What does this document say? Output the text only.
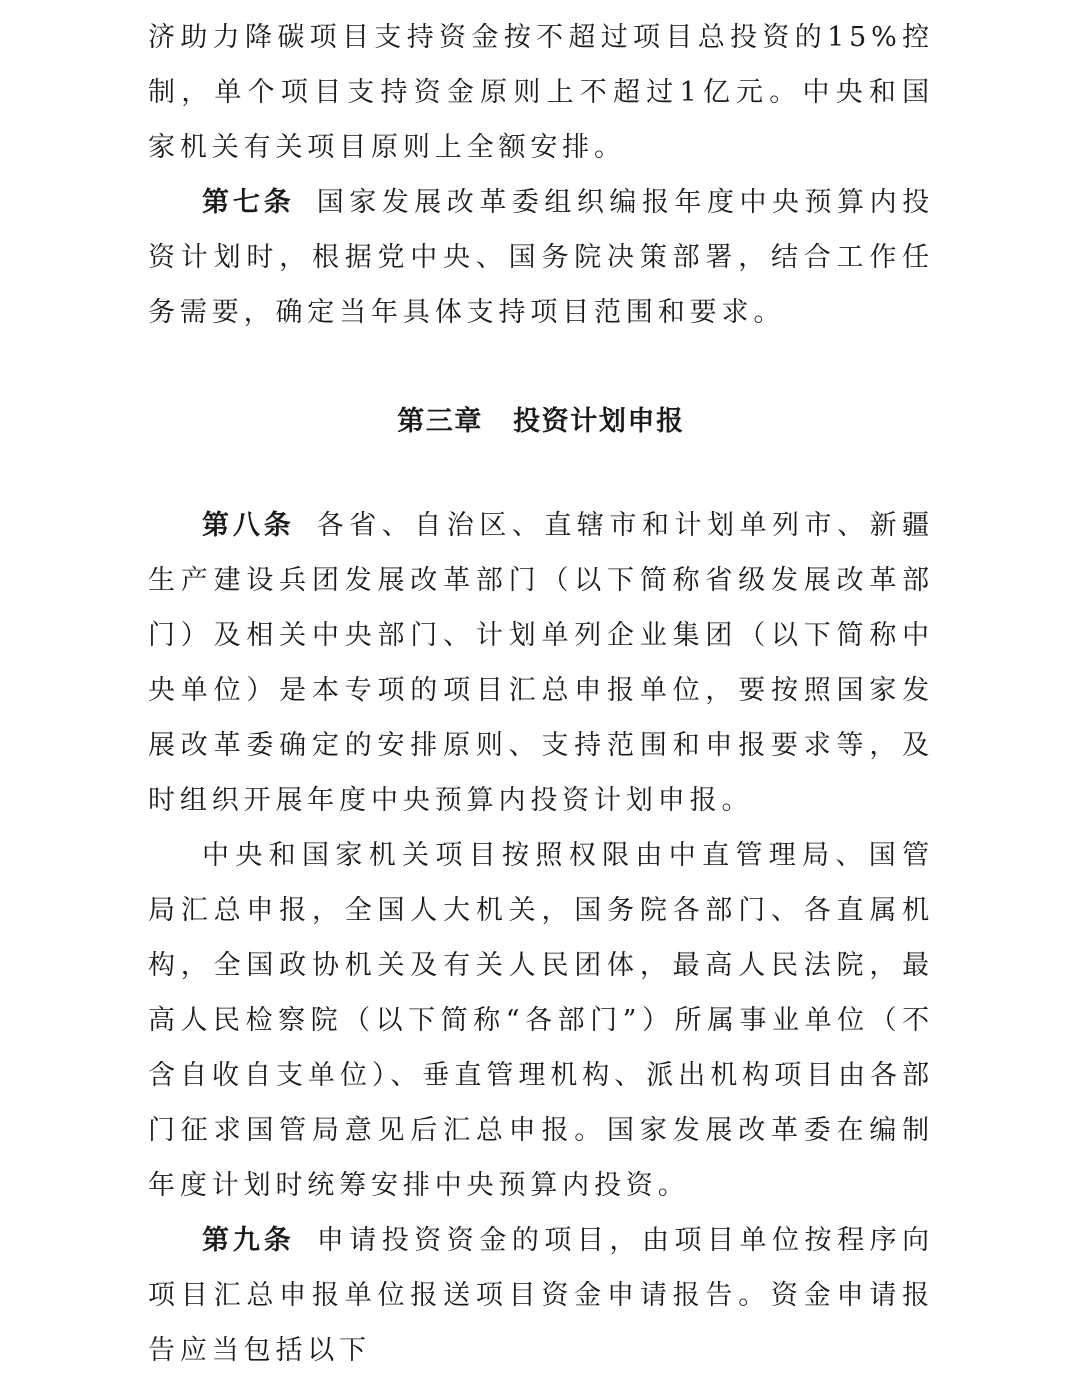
济助力降碳项目支持资金按不超过项目总投资的15%控制，单个项目支持资金原则上不超过1亿元。中央和国家机关有关项目原则上全额安排。

第七条 国家发展改革委组织编报年度中央预算内投资计划时，根据党中央、国务院决策部署，结合工作任务需要，确定当年具体支持项目范围和要求。

第三章 投资计划申报

第八条 各省、自治区、直辖市和计划单列市、新疆生产建设兵团发展改革部门（以下简称省级发展改革部门）及相关中央部门、计划单列企业集团（以下简称中央单位）是本专项的项目汇总申报单位，要按照国家发展改革委确定的安排原则、支持范围和申报要求等，及时组织开展年度中央预算内投资计划申报。

中央和国家机关项目按照权限由中直管理局、国管局汇总申报，全国人大机关，国务院各部门、各直属机构，全国政协机关及有关人民团体，最高人民法院，最高人民检察院（以下简称“各部门”）所属事业单位（不含自收自支单位）、垂直管理机构、派出机构项目由各部门征求国管局意见后汇总申报。国家发展改革委在编制年度计划时统筹安排中央预算内投资。

第九条 申请投资资金的项目，由项目单位按程序向项目汇总申报单位报送项目资金申请报告。资金申请报告应当包括以下
